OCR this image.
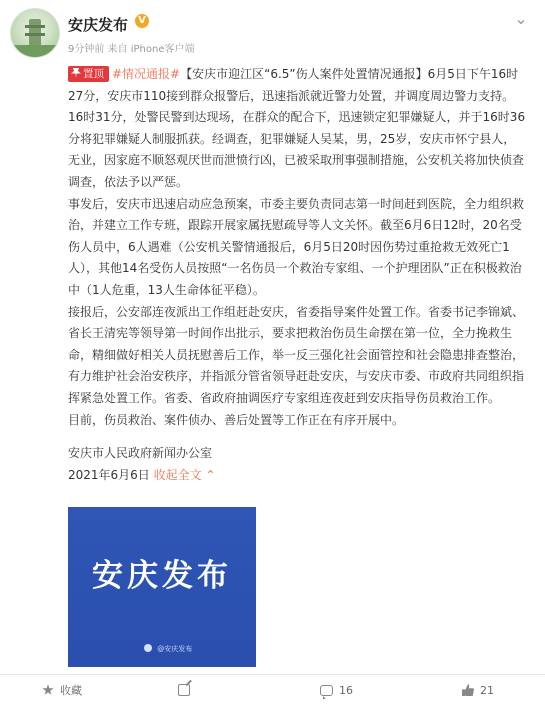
安庆发布	V
9分钟前 来自 iPhone客户端
⌄

置顶 #情况通报#【安庆市迎江区“6.5”伤人案件处置情况通报】6月5日下午16时27分，安庆市110接到群众报警后，迅速指派就近警力处置，并调度周边警力支持。16时31分，处警民警到达现场，在群众的配合下，迅速锁定犯罪嫌疑人，并于16时36分将犯罪嫌疑人制服抓获。经调查，犯罪嫌疑人吴某，男，25岁，安庆市怀宁县人，无业，因家庭不顺怒观厌世而泄愤行凶，已被采取刑事强制措施，公安机关将加快侦查调查，依法予以严惩。

事发后，安庆市迅速启动应急预案，市委主要负责同志第一时间赶到医院，全力组织救治，并建立工作专班，跟踪开展家属抚慰疏导等人文关怀。截至6月6日12时，20名受伤人员中，6人遇难（公安机关警情通报后，6月5日20时因伤势过重抢救无效死亡1人），其他14名受伤人员按照“一名伤员一个救治专家组、一个护理团队”正在积极救治中（1人危重，13人生命体征平稳）。

接报后，公安部连夜派出工作组赶赴安庆，省委指导案件处置工作。省委书记李锦斌、省长王清宪等领导第一时间作出批示，要求把救治伤员生命摆在第一位，全力挽救生命，精细做好相关人员抚慰善后工作，举一反三强化社会面管控和社会隐患排查整治，有力维护社会治安秩序，并指派分管省领导赶赴安庆，与安庆市委、市政府共同组织指挥紧急处置工作。省委、省政府抽调医疗专家组连夜赶到安庆指导伤员救治工作。

目前，伤员救治、案件侦办、善后处置等工作正在有序开展中。

安庆市人民政府新闻办公室

2021年6月6日 收起全文 ⌃

安庆发布
@安庆发布
收藏	16	21
